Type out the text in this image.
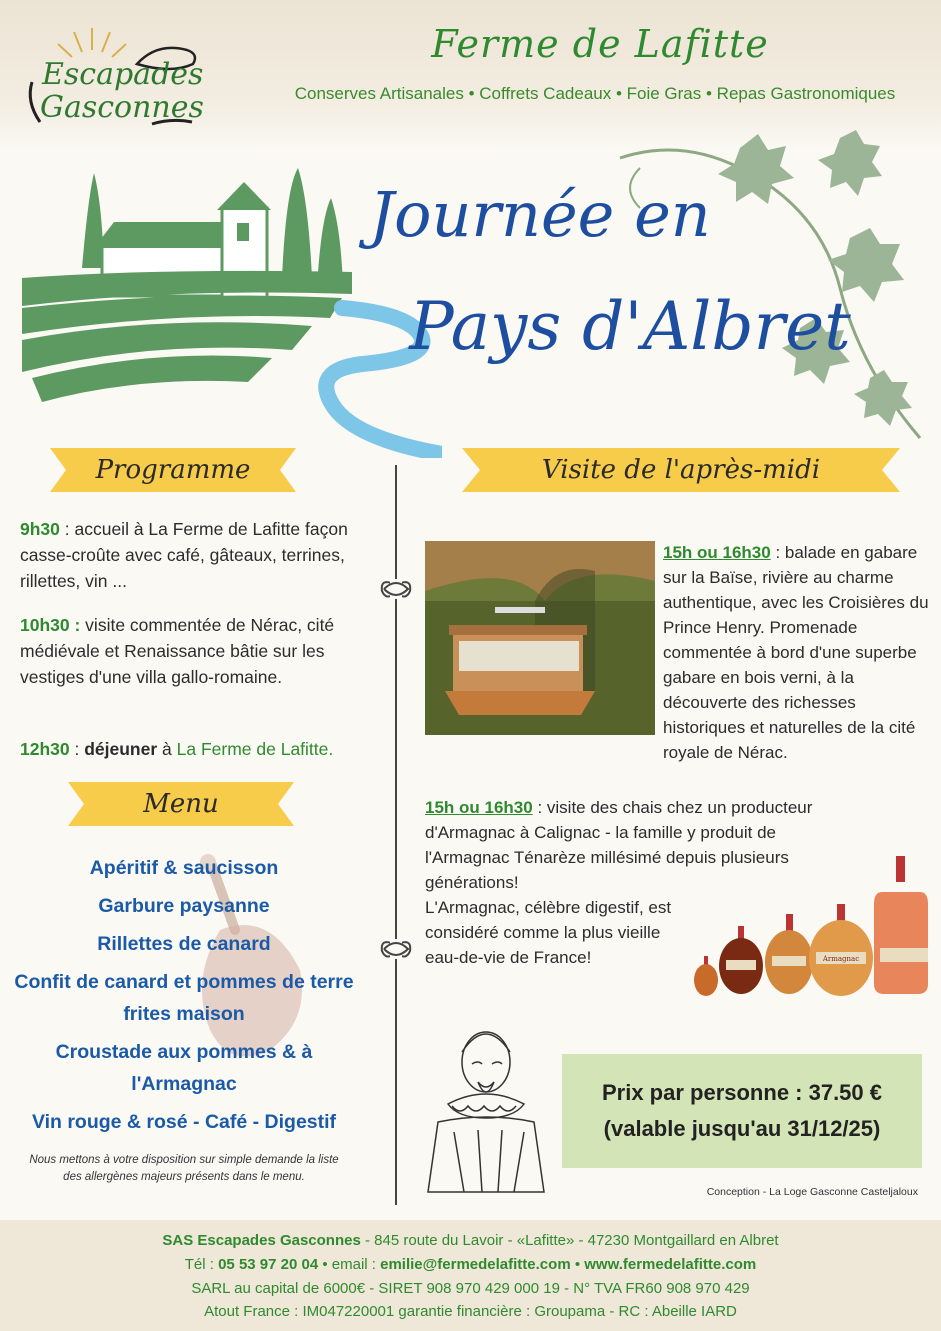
Escapades
Gasconnes
Ferme de Lafitte
Conserves Artisanales • Coffrets Cadeaux • Foie Gras • Repas Gastronomiques
Journée en
Pays d'Albret
Programme	Visite de l'après-midi
Menu
9h30 : accueil à La Ferme de Lafitte façon casse-croûte avec café, gâteaux, terrines, rillettes, vin ...
10h30 : visite commentée de Nérac, cité médiévale et Renaissance bâtie sur les vestiges d'une villa gallo-romaine.
12h30 : déjeuner à La Ferme de Lafitte.
Apéritif & saucisson
Garbure paysanne
Rillettes de canard
Confit de canard et pommes de terre frites maison
Croustade aux pommes & à l'Armagnac
Vin rouge & rosé - Café - Digestif
Nous mettons à votre disposition sur simple demande la liste des allergènes majeurs présents dans le menu.
15h ou 16h30 : balade en gabare sur la Baïse, rivière au charme authentique, avec les Croisières du Prince Henry. Promenade commentée à bord d'une superbe gabare en bois verni, à la découverte des richesses historiques et naturelles de la cité royale de Nérac.
15h ou 16h30 : visite des chais chez un producteur d'Armagnac à Calignac - la famille y produit de l'Armagnac Ténarèze millésimé depuis plusieurs générations!
L'Armagnac, célèbre digestif, est considéré comme la plus vieille eau-de-vie de France!	Armagnac
Prix par personne : 37.50 €
(valable jusqu'au 31/12/25)
Conception - La Loge Gasconne Casteljaloux
SAS Escapades Gasconnes - 845 route du Lavoir - «Lafitte» - 47230 Montgaillard en Albret
Tél : 05 53 97 20 04 • email : emilie@fermedelafitte.com • www.fermedelafitte.com
SARL au capital de 6000€ - SIRET 908 970 429 000 19 - N° TVA FR60 908 970 429
Atout France : IM047220001 garantie financière : Groupama - RC : Abeille IARD
